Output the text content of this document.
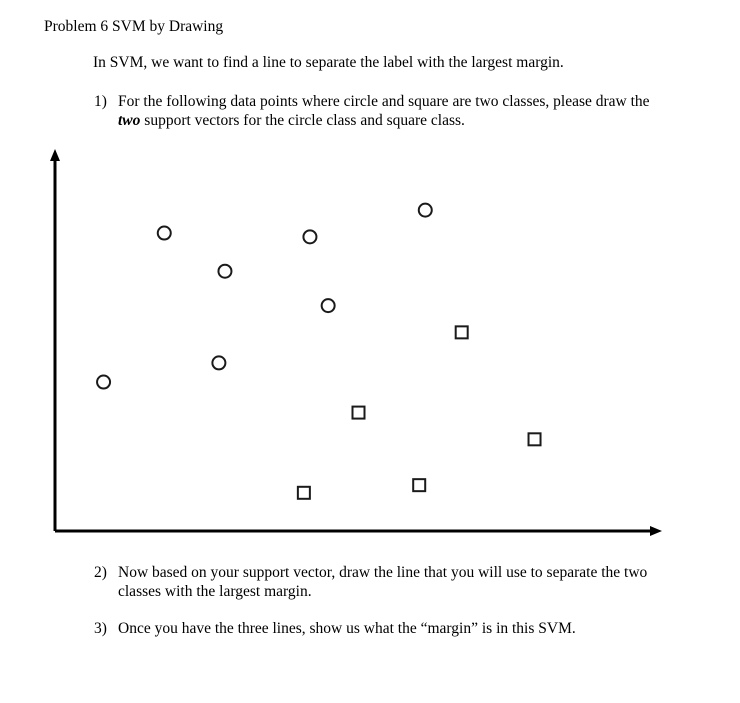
Problem 6 SVM by Drawing
In SVM, we want to find a line to separate the label with the largest margin.
1) For the following data points where circle and square are two classes, please draw the
two support vectors for the circle class and square class.
2) Now based on your support vector, draw the line that you will use to separate the two
classes with the largest margin.
3) Once you have the three lines, show us what the “margin” is in this SVM.
